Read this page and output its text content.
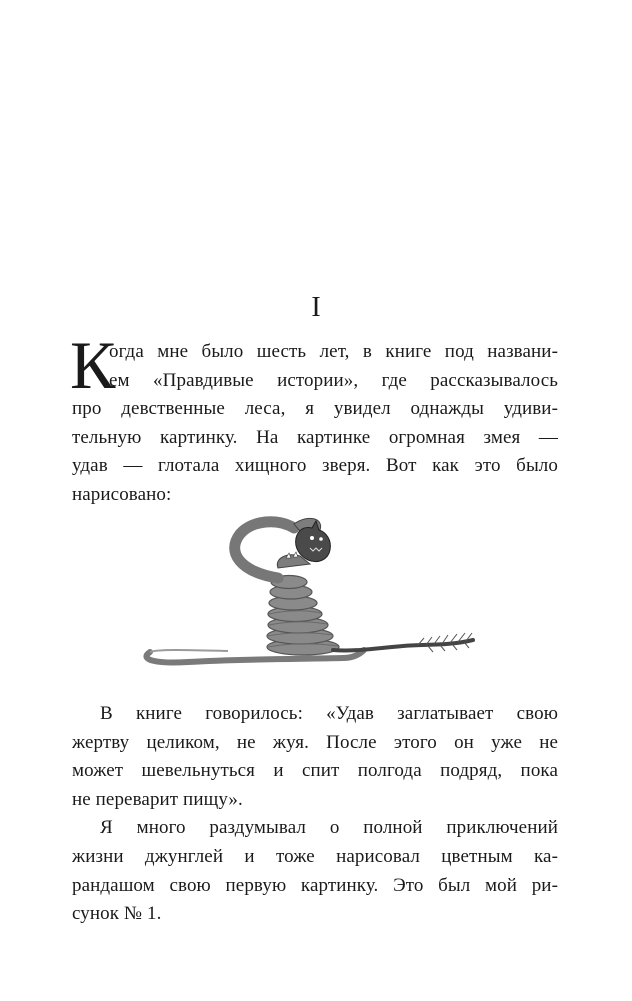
I
К
огда мне было шесть лет, в книге под названи-
ем «Правдивые истории», где рассказывалось
про девственные леса, я увидел однажды удиви-
тельную картинку. На картинке огромная змея —
удав — глотала хищного зверя. Вот как это было
нарисовано:
В книге говорилось: «Удав заглатывает свою
жертву целиком, не жуя. После этого он уже не
может шевельнуться и спит полгода подряд, пока
не переварит пищу».
Я много раздумывал о полной приключений
жизни джунглей и тоже нарисовал цветным ка-
рандашом свою первую картинку. Это был мой ри-
сунок № 1.
